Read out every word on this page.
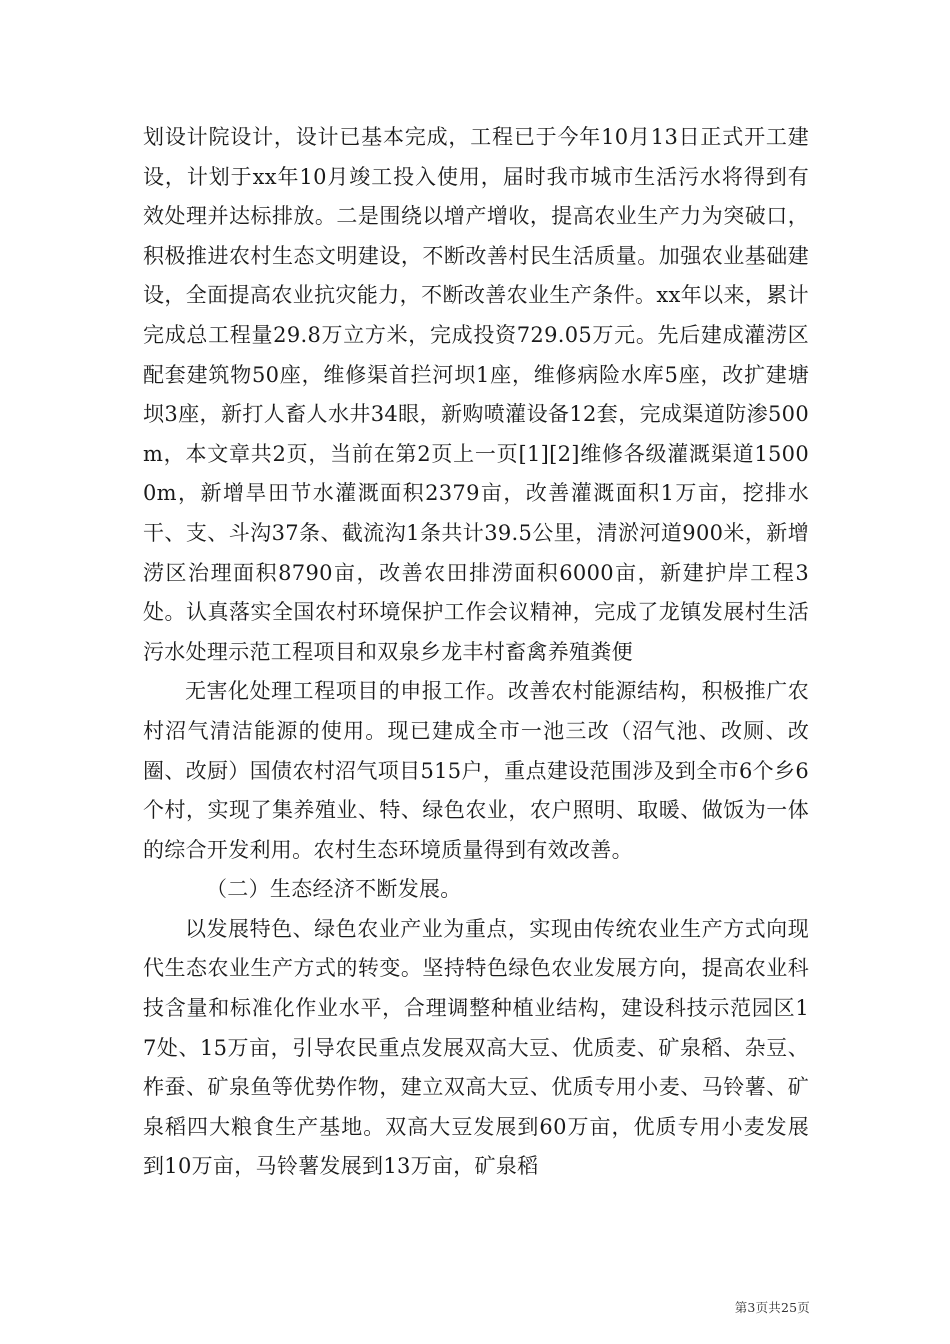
划设计院设计，设计已基本完成，工程已于今年10月13日正式开工建设，计划于xx年10月竣工投入使用，届时我市城市生活污水将得到有效处理并达标排放。二是围绕以增产增收，提高农业生产力为突破口，积极推进农村生态文明建设，不断改善村民生活质量。加强农业基础建设，全面提高农业抗灾能力，不断改善农业生产条件。xx年以来，累计完成总工程量29.8万立方米，完成投资729.05万元。先后建成灌涝区配套建筑物50座，维修渠首拦河坝1座，维修病险水库5座，改扩建塘坝3座，新打人畜人水井34眼，新购喷灌设备12套，完成渠道防渗500m，本文章共2页，当前在第2页上一页[1][2]维修各级灌溉渠道15000m，新增旱田节水灌溉面积2379亩，改善灌溉面积1万亩，挖排水干、支、斗沟37条、截流沟1条共计39.5公里，清淤河道900米，新增涝区治理面积8790亩，改善农田排涝面积6000亩，新建护岸工程3处。认真落实全国农村环境保护工作会议精神，完成了龙镇发展村生活污水处理示范工程项目和双泉乡龙丰村畜禽养殖粪便

无害化处理工程项目的申报工作。改善农村能源结构，积极推广农村沼气清洁能源的使用。现已建成全市一池三改（沼气池、改厕、改圈、改厨）国债农村沼气项目515户，重点建设范围涉及到全市6个乡6个村，实现了集养殖业、特、绿色农业，农户照明、取暖、做饭为一体的综合开发利用。农村生态环境质量得到有效改善。

（二）生态经济不断发展。

以发展特色、绿色农业产业为重点，实现由传统农业生产方式向现代生态农业生产方式的转变。坚持特色绿色农业发展方向，提高农业科技含量和标准化作业水平，合理调整种植业结构，建设科技示范园区17处、15万亩，引导农民重点发展双高大豆、优质麦、矿泉稻、杂豆、柞蚕、矿泉鱼等优势作物，建立双高大豆、优质专用小麦、马铃薯、矿泉稻四大粮食生产基地。双高大豆发展到60万亩，优质专用小麦发展到10万亩，马铃薯发展到13万亩，矿泉稻

第3页共25页
